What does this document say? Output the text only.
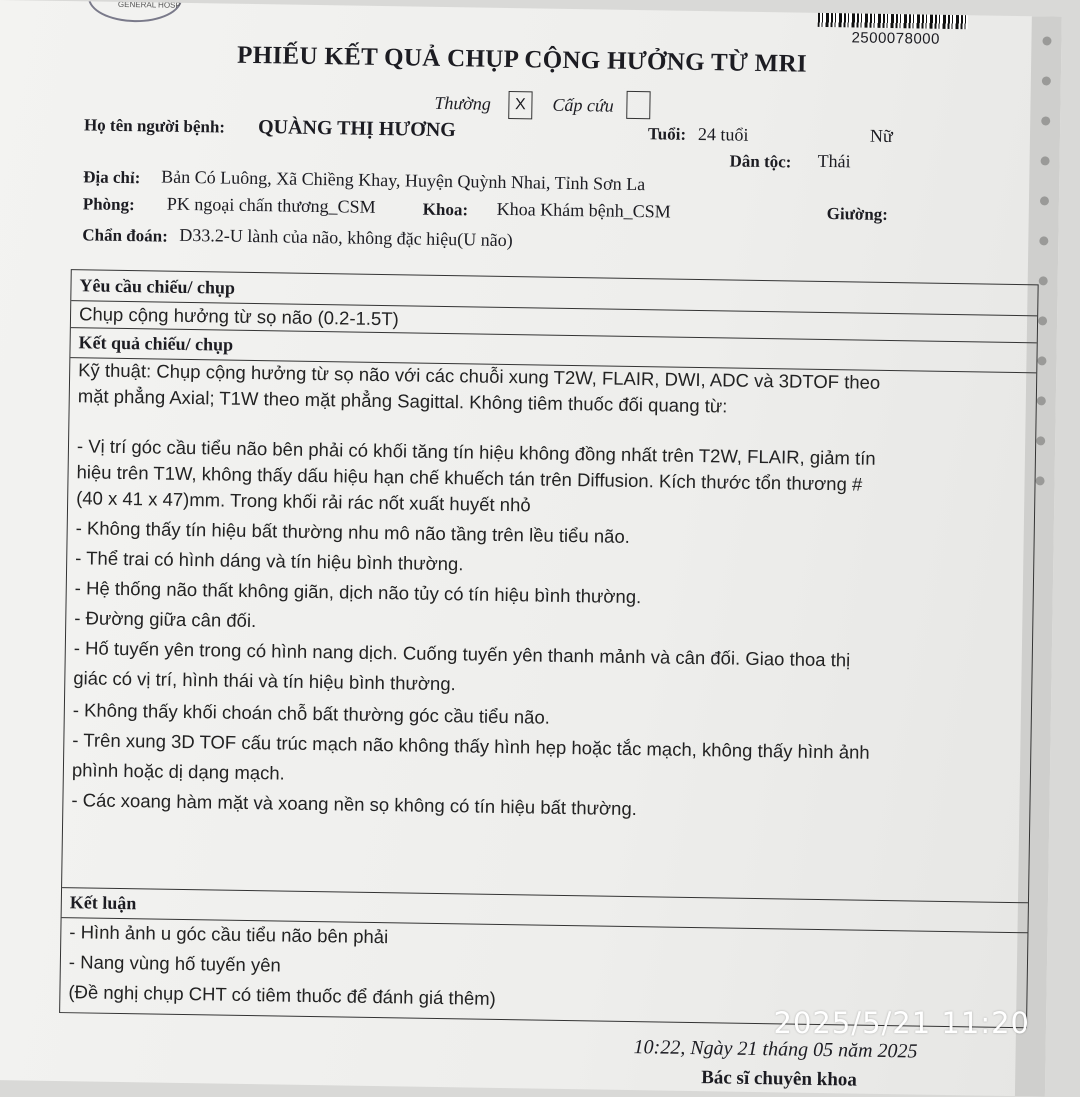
GENERAL HOSP
2500078000
PHIẾU KẾT QUẢ CHỤP CỘNG HƯỞNG TỪ MRI
Thường	X	Cấp cứu
Họ tên người bệnh: QUÀNG THỊ HƯƠNG	Tuổi: 24 tuổi	Nữ
Dân tộc: Thái
Địa chỉ: Bản Có Luông, Xã Chiềng Khay, Huyện Quỳnh Nhai, Tỉnh Sơn La
Phòng: PK ngoại chấn thương_CSM	Khoa: Khoa Khám bệnh_CSM	Giường:
Chẩn đoán: D33.2-U lành của não, không đặc hiệu(U não)
Yêu cầu chiếu/ chụp
Chụp cộng hưởng từ sọ não (0.2-1.5T)
Kết quả chiếu/ chụp
Kỹ thuật: Chụp cộng hưởng từ sọ não với các chuỗi xung T2W, FLAIR, DWI, ADC và 3DTOF theo
mặt phẳng Axial; T1W theo mặt phẳng Sagittal. Không tiêm thuốc đối quang từ:
- Vị trí góc cầu tiểu não bên phải có khối tăng tín hiệu không đồng nhất trên T2W, FLAIR, giảm tín
hiệu trên T1W, không thấy dấu hiệu hạn chế khuếch tán trên Diffusion. Kích thước tổn thương #
(40 x 41 x 47)mm. Trong khối rải rác nốt xuất huyết nhỏ
- Không thấy tín hiệu bất thường nhu mô não tầng trên lều tiểu não.
- Thể trai có hình dáng và tín hiệu bình thường.
- Hệ thống não thất không giãn, dịch não tủy có tín hiệu bình thường.
- Đường giữa cân đối.
- Hố tuyến yên trong có hình nang dịch. Cuống tuyến yên thanh mảnh và cân đối. Giao thoa thị
giác có vị trí, hình thái và tín hiệu bình thường.
- Không thấy khối choán chỗ bất thường góc cầu tiểu não.
- Trên xung 3D TOF cấu trúc mạch não không thấy hình hẹp hoặc tắc mạch, không thấy hình ảnh
phình hoặc dị dạng mạch.
- Các xoang hàm mặt và xoang nền sọ không có tín hiệu bất thường.
Kết luận
- Hình ảnh u góc cầu tiểu não bên phải
- Nang vùng hố tuyến yên
(Đề nghị chụp CHT có tiêm thuốc để đánh giá thêm)
10:22, Ngày 21 tháng 05 năm 2025
Bác sĩ chuyên khoa
2025/5/21 11:20
